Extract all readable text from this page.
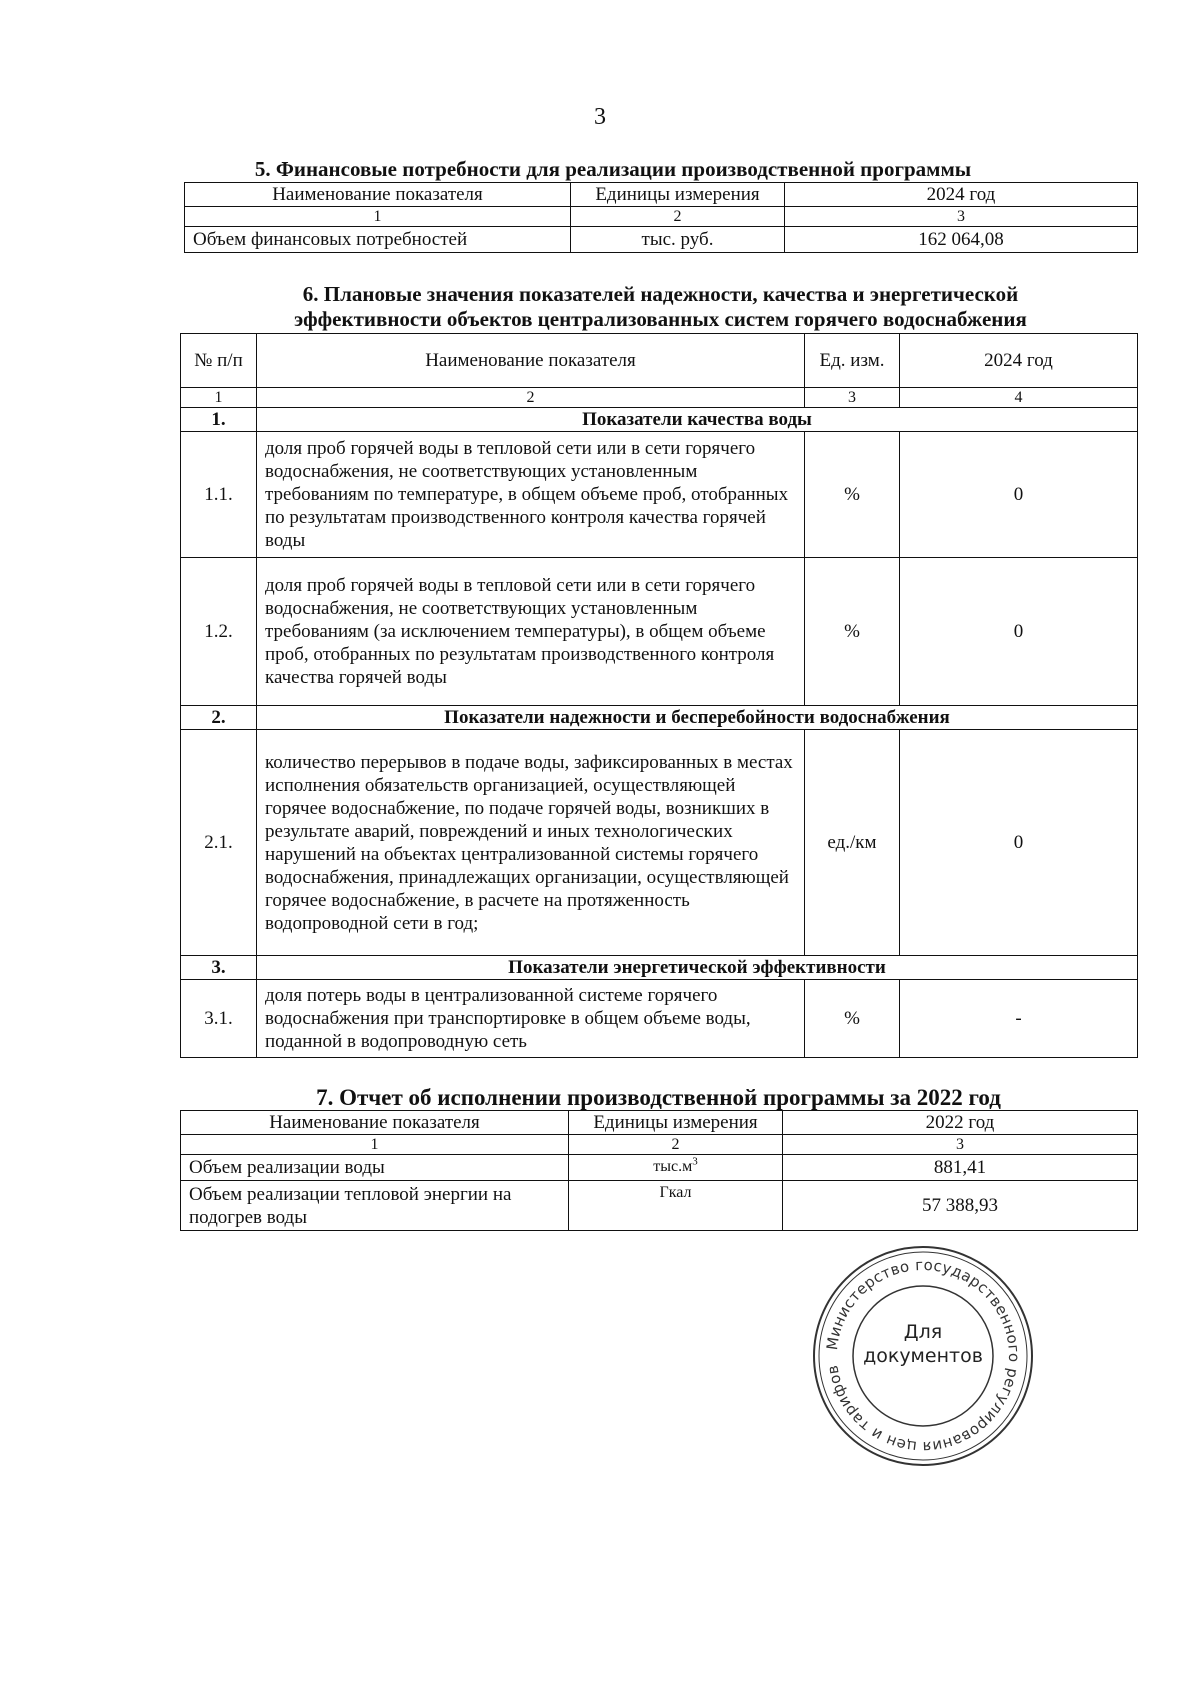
3
5. Финансовые потребности для реализации производственной программы
Наименование показателя	Единицы измерения	2024 год
1	2	3
Объем финансовых потребностей	тыс. руб.	162 064,08
6. Плановые значения показателей надежности, качества и энергетической
эффективности объектов централизованных систем горячего водоснабжения
№ п/п	Наименование показателя	Ед. изм.	2024 год
1	2	3	4
1.	Показатели качества воды		
1.1.	доля проб горячей воды в тепловой сети или в сети горячего водоснабжения, не соответствующих установленным требованиям по температуре, в общем объеме проб, отобранных по результатам производственного контроля качества горячей воды	%	0
1.2.	доля проб горячей воды в тепловой сети или в сети горячего водоснабжения, не соответствующих установленным требованиям (за исключением температуры), в общем объеме проб, отобранных по результатам производственного контроля качества горячей воды	%	0
2.	Показатели надежности и бесперебойности водоснабжения		
2.1.	количество перерывов в подаче воды, зафиксированных в местах исполнения обязательств организацией, осуществляющей горячее водоснабжение, по подаче горячей воды, возникших в результате аварий, повреждений и иных технологических нарушений на объектах централизованной системы горячего водоснабжения, принадлежащих организации, осуществляющей горячее водоснабжение, в расчете на протяженность водопроводной сети в год;	ед./км	0
3.	Показатели энергетической эффективности		
3.1.	доля потерь воды в централизованной системе горячего водоснабжения при транспортировке в общем объеме воды, поданной в водопроводную сеть	%	-
7. Отчет об исполнении производственной программы за 2022 год
Наименование показателя	Единицы измерения	2022 год
1	2	3
Объем реализации воды	$тыс.м^3$	881,41
Объем реализации тепловой энергии на подогрев воды	Гкал	57 388,93
Министерство государственного регулирования цен и тарифов
Для
документов
